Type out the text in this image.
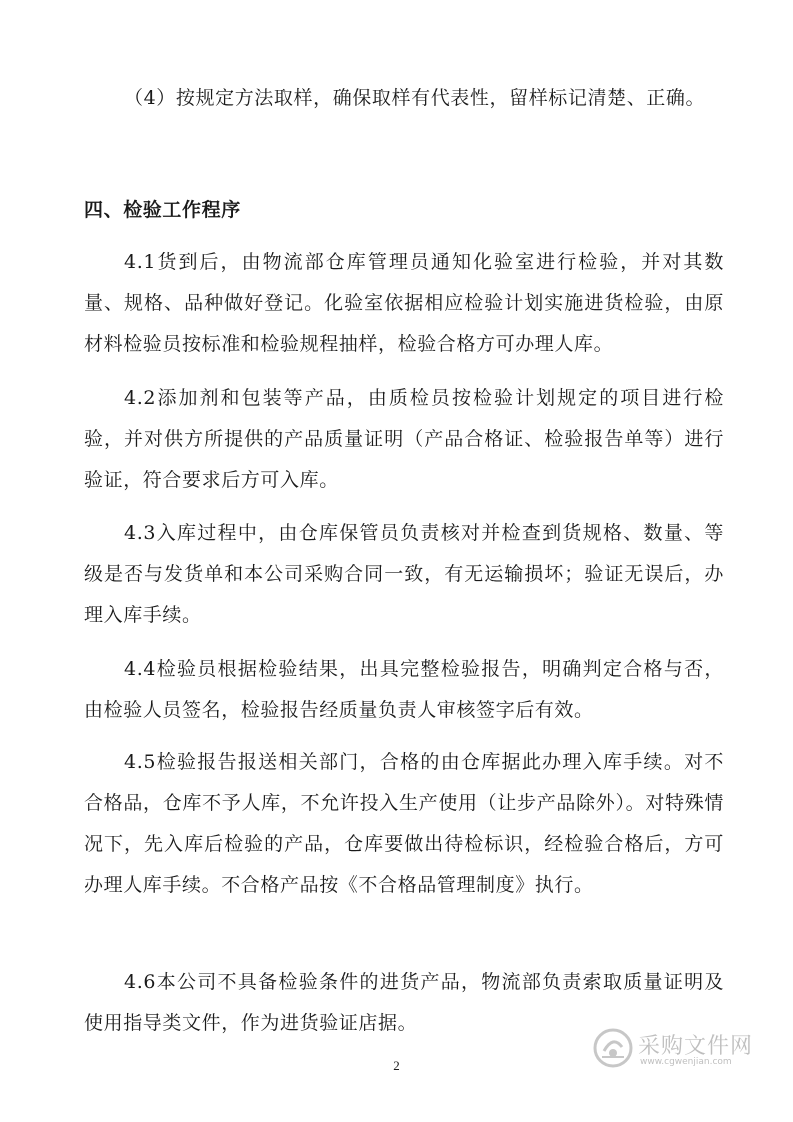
（4）按规定方法取样，确保取样有代表性，留样标记清楚、正确。

四、检验工作程序

4.1货到后，由物流部仓库管理员通知化验室进行检验，并对其数量、规格、品种做好登记。化验室依据相应检验计划实施进货检验，由原材料检验员按标准和检验规程抽样，检验合格方可办理人库。

4.2添加剂和包装等产品，由质检员按检验计划规定的项目进行检验，并对供方所提供的产品质量证明（产品合格证、检验报告单等）进行验证，符合要求后方可入库。

4.3入库过程中，由仓库保管员负责核对并检查到货规格、数量、等级是否与发货单和本公司采购合同一致，有无运输损坏；验证无误后，办理入库手续。

4.4检验员根据检验结果，出具完整检验报告，明确判定合格与否，由检验人员签名，检验报告经质量负责人审核签字后有效。

4.5检验报告报送相关部门，合格的由仓库据此办理入库手续。对不合格品，仓库不予人库，不允许投入生产使用（让步产品除外）。对特殊情况下，先入库后检验的产品，仓库要做出待检标识，经检验合格后，方可办理人库手续。不合格产品按《不合格品管理制度》执行。

4.6本公司不具备检验条件的进货产品，物流部负责索取质量证明及使用指导类文件，作为进货验证店据。

2
采购文件网
www.cgwenjian.com
